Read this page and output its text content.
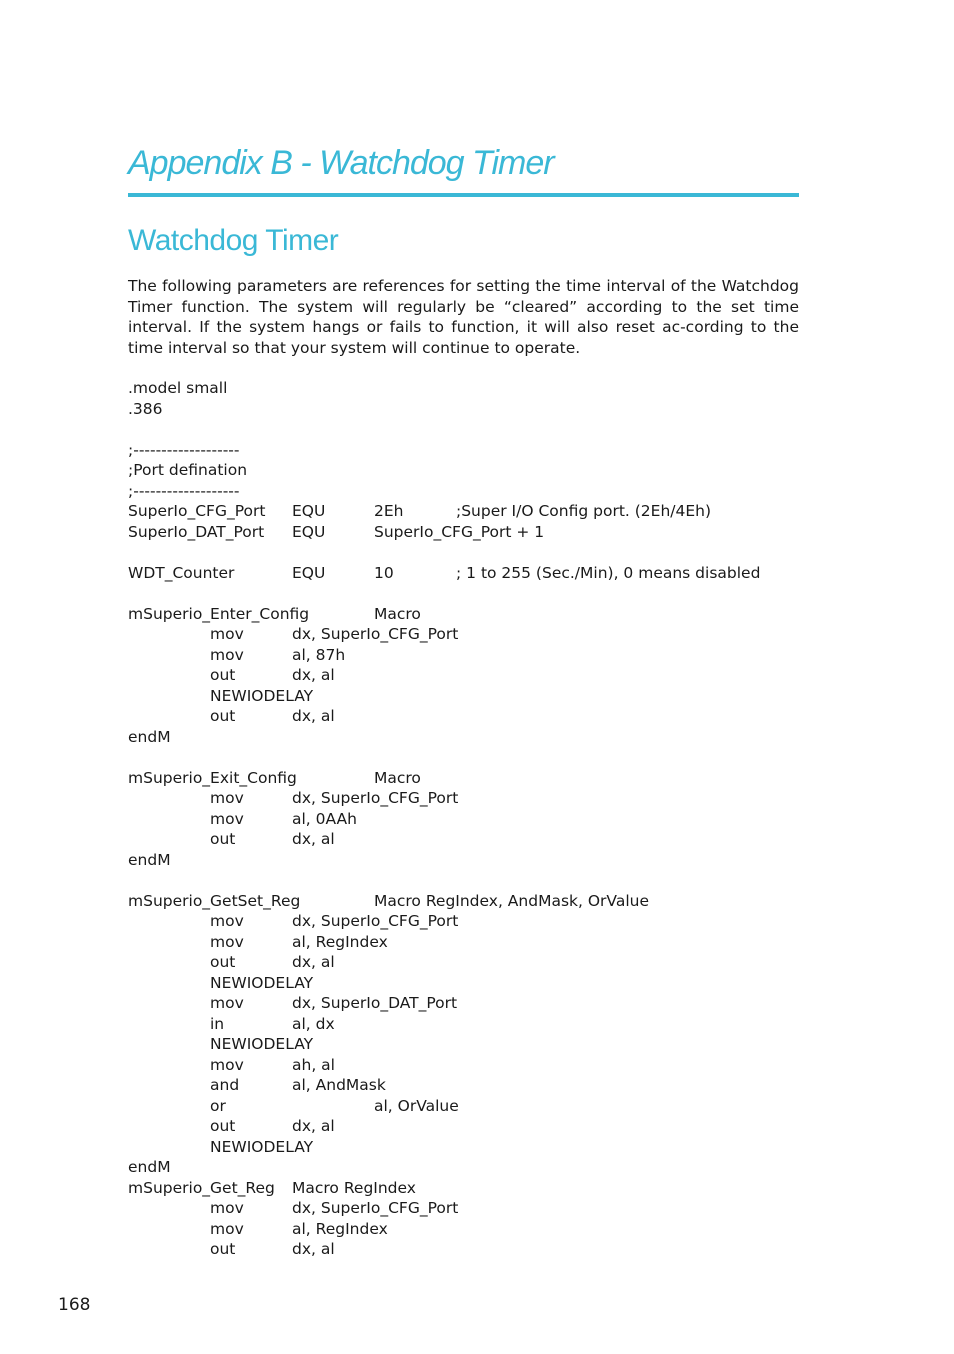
Appendix B - Watchdog Timer
Watchdog Timer

The following parameters are references for setting the time interval of the Watchdog Timer function. The system will regularly be “cleared” according to the set time interval. If the system hangs or fails to function, it will also reset ac-cording to the time interval so that your system will continue to operate.

.model small
.386
;-------------------
;Port defination
;-------------------
SuperIo_CFG_Port EQU	2Eh	;Super I/O Config port. (2Eh/4Eh)
SuperIo_DAT_Port EQU	SuperIo_CFG_Port + 1
WDT_Counter	EQU	10	; 1 to 255 (Sec./Min), 0 means disabled
mSuperio_Enter_Config	Macro
mov	dx, SuperIo_CFG_Port
mov	al, 87h
out	dx, al
NEWIODELAY
out	dx, al
endM
mSuperio_Exit_Config	Macro
mov	dx, SuperIo_CFG_Port
mov	al, 0AAh
out	dx, al
endM
mSuperio_GetSet_Reg	Macro RegIndex, AndMask, OrValue
mov	dx, SuperIo_CFG_Port
mov	al, RegIndex
out	dx, al
NEWIODELAY
mov	dx, SuperIo_DAT_Port
in	al, dx
NEWIODELAY
mov	ah, al
and	al, AndMask
or	al, OrValue
out	dx, al
NEWIODELAY
endM
mSuperio_Get_Reg Macro RegIndex
mov	dx, SuperIo_CFG_Port
mov	al, RegIndex
out	dx, al
168
